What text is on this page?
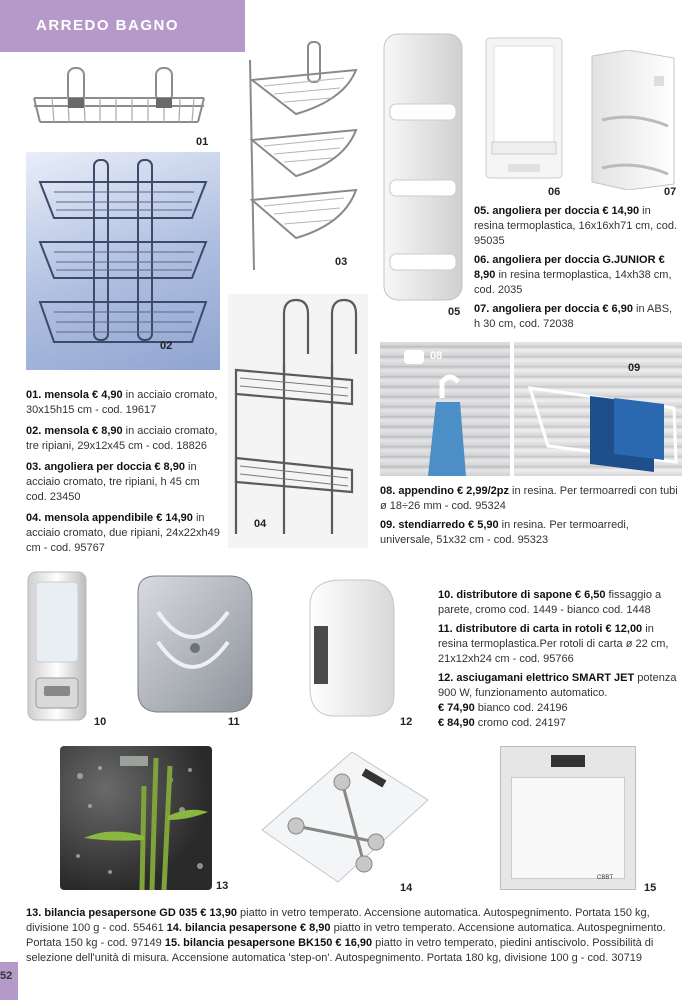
ARREDO BAGNO
01
02
03
04
05
06	07
08
09
01. mensola € 4,90 in acciaio cromato, 30x15h15 cm - cod. 19617
02. mensola € 8,90 in acciaio cromato, tre ripiani, 29x12x45 cm - cod. 18826
03. angoliera per doccia € 8,90 in acciaio cromato, tre ripiani, h 45 cm cod. 23450
04. mensola appendibile € 14,90 in acciaio cromato, due ripiani, 24x22xh49 cm - cod. 95767
05. angoliera per doccia € 14,90 in resina termoplastica, 16x16xh71 cm, cod. 95035
06. angoliera per doccia G.JUNIOR € 8,90 in resina termoplastica, 14xh38 cm, cod. 2035
07. angoliera per doccia € 6,90 in ABS, h 30 cm, cod. 72038
08. appendino € 2,99/2pz in resina. Per termoarredi con tubi ø 18÷26 mm - cod. 95324
09. stendiarredo € 5,90 in resina. Per termoarredi, universale, 51x32 cm - cod. 95323
10	11	12
10. distributore di sapone € 6,50 fissaggio a parete, cromo cod. 1449 - bianco cod. 1448
11. distributore di carta in rotoli € 12,00 in resina termoplastica.Per rotoli di carta ø 22 cm, 21x12xh24 cm - cod. 95766
12. asciugamani elettrico SMART JET potenza 900 W, funzionamento automatico.
€ 74,90 bianco cod. 24196
€ 84,90 cromo cod. 24197
13	14
CBBT
15
13. bilancia pesapersone GD 035 € 13,90 piatto in vetro temperato. Accensione automatica. Autospegnimento. Portata 150 kg, divisione 100 g - cod. 55461 14. bilancia pesapersone € 8,90 piatto in vetro temperato. Accensione automatica. Autospegnimento. Portata 150 kg - cod. 97149 15. bilancia pesapersone BK150 € 16,90 piatto in vetro temperato, piedini antiscivolo. Possibilità di selezione dell'unità di misura. Accensione automatica 'step-on'. Autospegnimento. Portata 180 kg, divisione 100 g - cod. 30719
52
